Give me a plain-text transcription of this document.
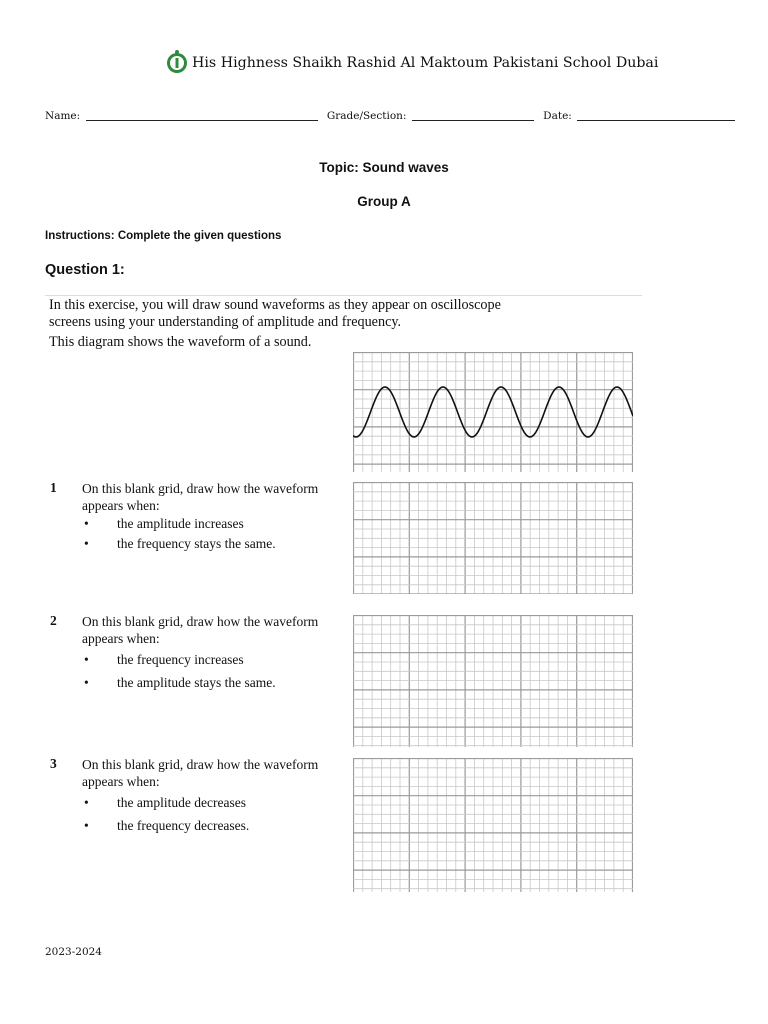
His Highness Shaikh Rashid Al Maktoum Pakistani School Dubai
Name:	Grade/Section:	Date:
Topic: Sound waves
Group A
Instructions: Complete the given questions
Question 1:

In this exercise, you will draw sound waveforms as they appear on oscilloscope

screens using your understanding of amplitude and frequency.

This diagram shows the waveform of a sound.

1 On this blank grid, draw how the waveform appears when:
• the amplitude increases
• the frequency stays the same.
2 On this blank grid, draw how the waveform appears when:
• the frequency increases
• the amplitude stays the same.
3 On this blank grid, draw how the waveform appears when:
• the amplitude decreases
• the frequency decreases.
2023-2024
